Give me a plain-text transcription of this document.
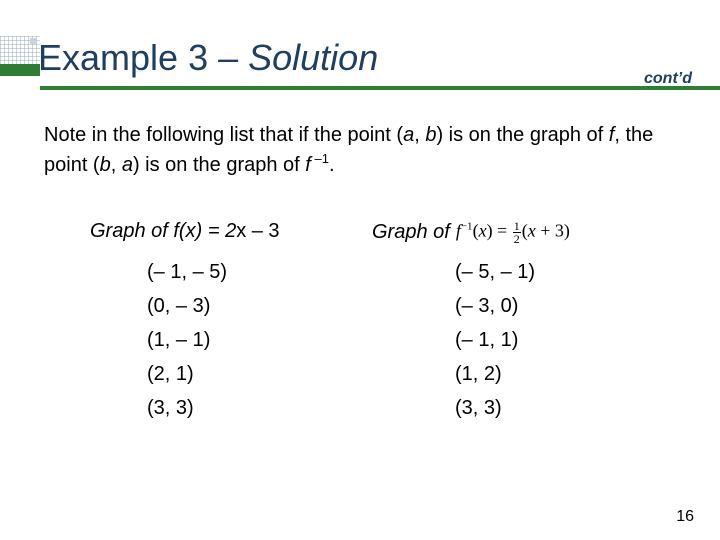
Example 3 – Solution
cont’d
Note in the following list that if the point (a, b) is on the graph of f, the point (b, a) is on the graph of f $^{-1}$.
Graph of f(x) = 2x – 3	Graph of $f^{-1}(x) = \frac{1}{2} (x + 3)$
(– 1, – 5)
(0, – 3)
(1, – 1)
(2, 1)
(3, 3)
(– 5, – 1)
(– 3, 0)
(– 1, 1)
(1, 2)
(3, 3)
16
